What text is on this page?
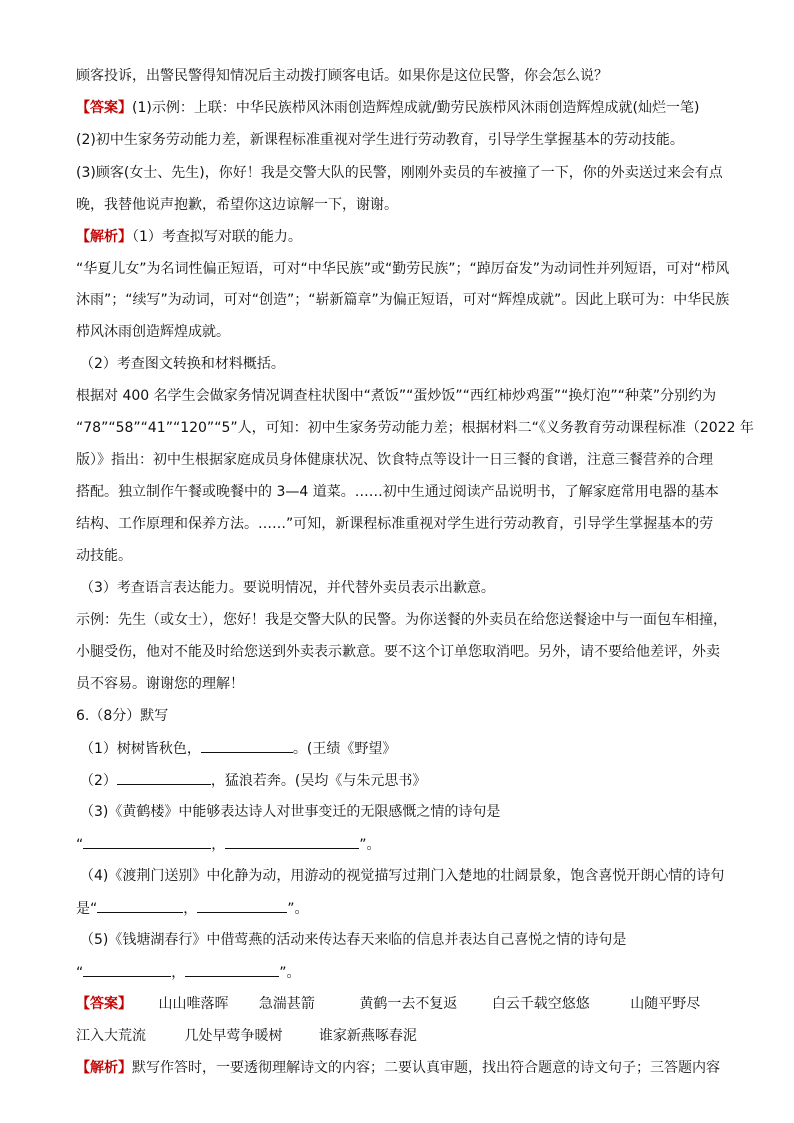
顾客投诉，出警民警得知情况后主动拨打顾客电话。如果你是这位民警，你会怎么说？
【答案】(1)示例：上联：中华民族栉风沐雨创造辉煌成就/勤劳民族栉风沐雨创造辉煌成就(灿烂一笔)
(2)初中生家务劳动能力差，新课程标准重视对学生进行劳动教育，引导学生掌握基本的劳动技能。
(3)顾客(女士、先生)，你好！我是交警大队的民警，刚刚外卖员的车被撞了一下，你的外卖送过来会有点
晚，我替他说声抱歉，希望你这边谅解一下，谢谢。
【解析】（1）考查拟写对联的能力。
“华夏儿女”为名词性偏正短语，可对“中华民族”或“勤劳民族”；“踔厉奋发”为动词性并列短语，可对“栉风
沐雨”；“续写”为动词，可对“创造”；“崭新篇章”为偏正短语，可对“辉煌成就”。因此上联可为：中华民族
栉风沐雨创造辉煌成就。
（2）考查图文转换和材料概括。
根据对 400 名学生会做家务情况调查柱状图中“煮饭”“蛋炒饭”“西红柿炒鸡蛋”“换灯泡”“种菜”分别约为
“78”“58”“41”“120”“5”人，可知：初中生家务劳动能力差；根据材料二“《义务教育劳动课程标准（2022 年
版）》指出：初中生根据家庭成员身体健康状况、饮食特点等设计一日三餐的食谱，注意三餐营养的合理
搭配。独立制作午餐或晚餐中的 3—4 道菜。……初中生通过阅读产品说明书，了解家庭常用电器的基本
结构、工作原理和保养方法。……”可知，新课程标准重视对学生进行劳动教育，引导学生掌握基本的劳
动技能。
（3）考查语言表达能力。要说明情况，并代替外卖员表示出歉意。
示例：先生（或女士），您好！我是交警大队的民警。为你送餐的外卖员在给您送餐途中与一面包车相撞，
小腿受伤，他对不能及时给您送到外卖表示歉意。要不这个订单您取消吧。另外，请不要给他差评，外卖
员不容易。谢谢您的理解！
6.（8分）默写
（1）树树皆秋色，	。(王绩《野望》
（2）	，猛浪若奔。(吴均《与朱元思书》
（3)《黄鹤楼》中能够表达诗人对世事变迁的无限感慨之情的诗句是
“	，	”。
（4)《渡荆门送别》中化静为动，用游动的视觉描写过荆门入楚地的壮阔景象，饱含喜悦开朗心情的诗句
是“	，	”。
（5)《钱塘湖春行》中借莺燕的活动来传达春天来临的信息并表达自己喜悦之情的诗句是
“	，	”。
【答案】 山山唯落晖 急湍甚箭	黄鹤一去不复返 白云千载空悠悠	山随平野尽
江入大荒流	几处早莺争暖树	谁家新燕啄春泥
【解析】默写作答时，一要透彻理解诗文的内容；二要认真审题，找出符合题意的诗文句子；三答题内容
